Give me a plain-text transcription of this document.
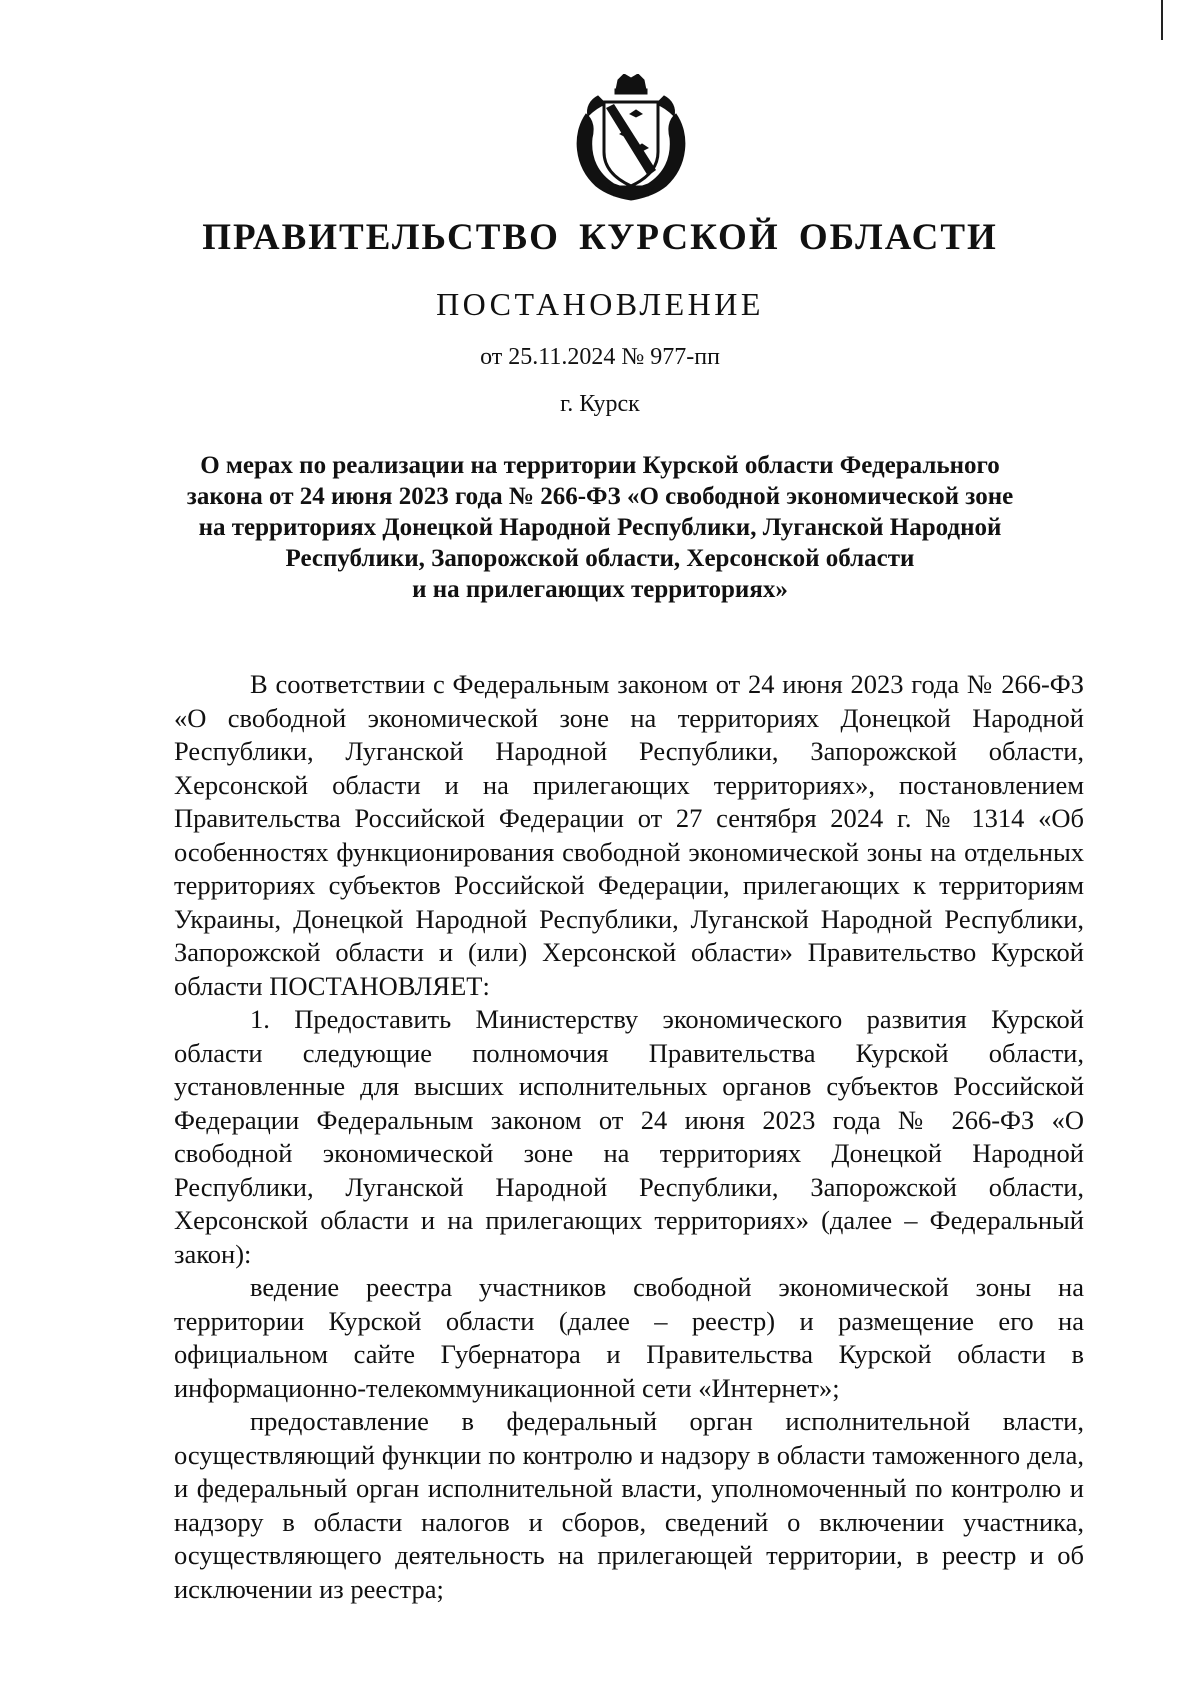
ПРАВИТЕЛЬСТВО КУРСКОЙ ОБЛАСТИ
ПОСТАНОВЛЕНИЕ
от 25.11.2024 № 977-пп
г. Курск
О мерах по реализации на территории Курской области Федерального
закона от 24 июня 2023 года № 266-ФЗ «О свободной экономической зоне
на территориях Донецкой Народной Республики, Луганской Народной
Республики, Запорожской области, Херсонской области
и на прилегающих территориях»

В соответствии с Федеральным законом от 24 июня 2023 года № 266-ФЗ «О свободной экономической зоне на территориях Донецкой Народной Республики, Луганской Народной Республики, Запорожской области, Херсонской области и на прилегающих территориях», постановлением Правительства Российской Федерации от 27 сентября 2024 г. № 1314 «Об особенностях функционирования свободной экономической зоны на отдельных территориях субъектов Российской Федерации, прилегающих к территориям Украины, Донецкой Народной Республики, Луганской Народной Республики, Запорожской области и (или) Херсонской области» Правительство Курской области ПОСТАНОВЛЯЕТ:

1. Предоставить Министерству экономического развития Курской области следующие полномочия Правительства Курской области, установленные для высших исполнительных органов субъектов Российской Федерации Федеральным законом от 24 июня 2023 года № 266-ФЗ «О свободной экономической зоне на территориях Донецкой Народной Республики, Луганской Народной Республики, Запорожской области, Херсонской области и на прилегающих территориях» (далее – Федеральный закон):

ведение реестра участников свободной экономической зоны на территории Курской области (далее – реестр) и размещение его на официальном сайте Губернатора и Правительства Курской области в информационно-телекоммуникационной сети «Интернет»;

предоставление в федеральный орган исполнительной власти, осуществляющий функции по контролю и надзору в области таможенного дела, и федеральный орган исполнительной власти, уполномоченный по контролю и надзору в области налогов и сборов, сведений о включении участника, осуществляющего деятельность на прилегающей территории, в реестр и об исключении из реестра;
